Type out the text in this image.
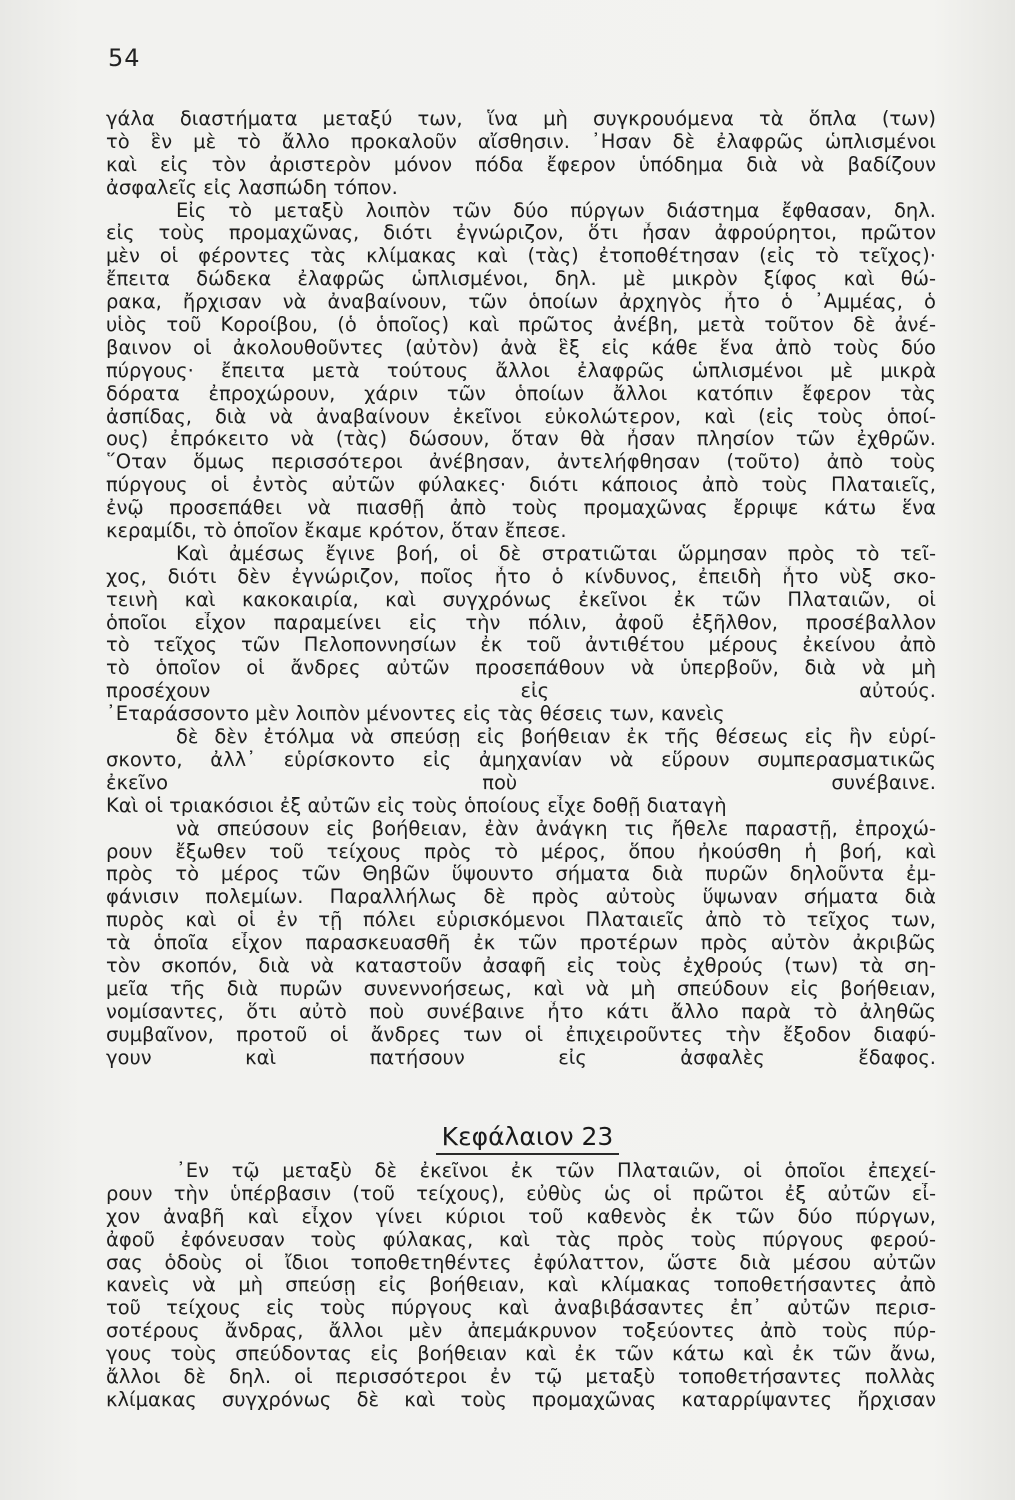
54
γάλα διαστήματα μεταξύ των, ἵνα μὴ συγκρουόμενα τὰ ὅπλα (των)
τὸ ἓν μὲ τὸ ἄλλο προκαλοῦν αἴσθησιν. ᾿Ησαν δὲ ἐλαφρῶς ὡπλισμένοι
καὶ εἰς τὸν ἀριστερὸν μόνον πόδα ἔφερον ὑπόδημα διὰ νὰ βαδίζουν
ἀσφαλεῖς εἰς λασπώδη τόπον.
Εἰς τὸ μεταξὺ λοιπὸν τῶν δύο πύργων διάστημα ἔφθασαν, δηλ.
εἰς τοὺς προμαχῶνας, διότι ἐγνώριζον, ὅτι ἦσαν ἀφρούρητοι, πρῶτον
μὲν οἱ φέροντες τὰς κλίμακας καὶ (τὰς) ἐτοποθέτησαν (εἰς τὸ τεῖχος)·
ἔπειτα δώδεκα ἐλαφρῶς ὡπλισμένοι, δηλ. μὲ μικρὸν ξίφος καὶ θώ-
ρακα, ἤρχισαν νὰ ἀναβαίνουν, τῶν ὁποίων ἀρχηγὸς ἦτο ὁ ᾿Αμμέας, ὁ
υἱὸς τοῦ Κοροίβου, (ὁ ὁποῖος) καὶ πρῶτος ἀνέβη, μετὰ τοῦτον δὲ ἀνέ-
βαινον οἱ ἀκολουθοῦντες (αὐτὸν) ἀνὰ ἓξ εἰς κάθε ἕνα ἀπὸ τοὺς δύο
πύργους· ἔπειτα μετὰ τούτους ἄλλοι ἐλαφρῶς ὡπλισμένοι μὲ μικρὰ
δόρατα ἐπροχώρουν, χάριν τῶν ὁποίων ἄλλοι κατόπιν ἔφερον τὰς
ἀσπίδας, διὰ νὰ ἀναβαίνουν ἐκεῖνοι εὐκολώτερον, καὶ (εἰς τοὺς ὁποί-
ους) ἐπρόκειτο νὰ (τὰς) δώσουν, ὅταν θὰ ἦσαν πλησίον τῶν ἐχθρῶν.
῞Οταν ὅμως περισσότεροι ἀνέβησαν, ἀντελήφθησαν (τοῦτο) ἀπὸ τοὺς
πύργους οἱ ἐντὸς αὐτῶν φύλακες· διότι κάποιος ἀπὸ τοὺς Πλαταιεῖς,
ἐνῷ προσεπάθει νὰ πιασθῇ ἀπὸ τοὺς προμαχῶνας ἔρριψε κάτω ἕνα
κεραμίδι, τὸ ὁποῖον ἔκαμε κρότον, ὅταν ἔπεσε.
Καὶ ἀμέσως ἔγινε βοή, οἱ δὲ στρατιῶται ὥρμησαν πρὸς τὸ τεῖ-
χος, διότι δὲν ἐγνώριζον, ποῖος ἦτο ὁ κίνδυνος, ἐπειδὴ ἦτο νὺξ σκο-
τεινὴ καὶ κακοκαιρία, καὶ συγχρόνως ἐκεῖνοι ἐκ τῶν Πλαταιῶν, οἱ
ὁποῖοι εἶχον παραμείνει εἰς τὴν πόλιν, ἀφοῦ ἐξῆλθον, προσέβαλλον
τὸ τεῖχος τῶν Πελοποννησίων ἐκ τοῦ ἀντιθέτου μέρους ἐκείνου ἀπὸ
τὸ ὁποῖον οἱ ἄνδρες αὐτῶν προσεπάθουν νὰ ὑπερβοῦν, διὰ νὰ μὴ
προσέχουν εἰς αὐτούς.
᾿Εταράσσοντο μὲν λοιπὸν μένοντες εἰς τὰς θέσεις των, κανεὶς
δὲ δὲν ἐτόλμα νὰ σπεύσῃ εἰς βοήθειαν ἐκ τῆς θέσεως εἰς ἣν εὑρί-
σκοντο, ἀλλ᾿ εὑρίσκοντο εἰς ἀμηχανίαν νὰ εὕρουν συμπερασματικῶς
ἐκεῖνο ποὺ συνέβαινε.
Καὶ οἱ τριακόσιοι ἐξ αὐτῶν εἰς τοὺς ὁποίους εἶχε δοθῇ διαταγὴ
νὰ σπεύσουν εἰς βοήθειαν, ἐὰν ἀνάγκη τις ἤθελε παραστῇ, ἐπροχώ-
ρουν ἔξωθεν τοῦ τείχους πρὸς τὸ μέρος, ὅπου ἠκούσθη ἡ βοή, καὶ
πρὸς τὸ μέρος τῶν Θηβῶν ὕψουντο σήματα διὰ πυρῶν δηλοῦντα ἐμ-
φάνισιν πολεμίων. Παραλλήλως δὲ πρὸς αὐτοὺς ὕψωναν σήματα διὰ
πυρὸς καὶ οἱ ἐν τῇ πόλει εὑρισκόμενοι Πλαταιεῖς ἀπὸ τὸ τεῖχος των,
τὰ ὁποῖα εἶχον παρασκευασθῆ ἐκ τῶν προτέρων πρὸς αὐτὸν ἀκριβῶς
τὸν σκοπόν, διὰ νὰ καταστοῦν ἀσαφῆ εἰς τοὺς ἐχθρούς (των) τὰ ση-
μεῖα τῆς διὰ πυρῶν συνεννοήσεως, καὶ νὰ μὴ σπεύδουν εἰς βοήθειαν,
νομίσαντες, ὅτι αὐτὸ ποὺ συνέβαινε ἦτο κάτι ἄλλο παρὰ τὸ ἀληθῶς
συμβαῖνον, προτοῦ οἱ ἄνδρες των οἱ ἐπιχειροῦντες τὴν ἔξοδον διαφύ-
γουν καὶ πατήσουν εἰς ἀσφαλὲς ἔδαφος.
Κεφάλαιον 23
᾿Εν τῷ μεταξὺ δὲ ἐκεῖνοι ἐκ τῶν Πλαταιῶν, οἱ ὁποῖοι ἐπεχεί-
ρουν τὴν ὑπέρβασιν (τοῦ τείχους), εὐθὺς ὡς οἱ πρῶτοι ἐξ αὐτῶν εἶ-
χον ἀναβῆ καὶ εἶχον γίνει κύριοι τοῦ καθενὸς ἐκ τῶν δύο πύργων,
ἀφοῦ ἐφόνευσαν τοὺς φύλακας, καὶ τὰς πρὸς τοὺς πύργους φερού-
σας ὁδοὺς οἱ ἴδιοι τοποθετηθέντες ἐφύλαττον, ὥστε διὰ μέσου αὐτῶν
κανεὶς νὰ μὴ σπεύσῃ εἰς βοήθειαν, καὶ κλίμακας τοποθετήσαντες ἀπὸ
τοῦ τείχους εἰς τοὺς πύργους καὶ ἀναβιβάσαντες ἐπ᾿ αὐτῶν περισ-
σοτέρους ἄνδρας, ἄλλοι μὲν ἀπεμάκρυνον τοξεύοντες ἀπὸ τοὺς πύρ-
γους τοὺς σπεύδοντας εἰς βοήθειαν καὶ ἐκ τῶν κάτω καὶ ἐκ τῶν ἄνω,
ἄλλοι δὲ δηλ. οἱ περισσότεροι ἐν τῷ μεταξὺ τοποθετήσαντες πολλὰς
κλίμακας συγχρόνως δὲ καὶ τοὺς προμαχῶνας καταρρίψαντες ἤρχισαν
